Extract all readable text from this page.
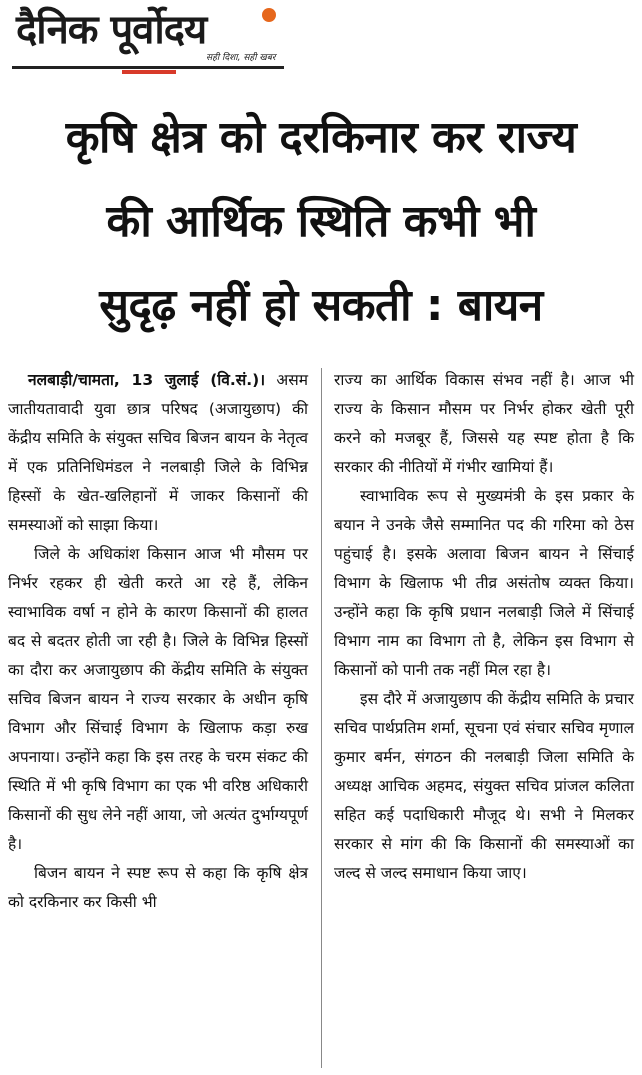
दैनिक पूर्वोदय
सही दिशा, सही खबर
कृषि क्षेत्र को दरकिनार कर राज्य
की आर्थिक स्थिति कभी भी
सुदृढ़ नहीं हो सकती : बायन

नलबाड़ी/चामता, 13 जुलाई (वि.सं.)। असम जातीयतावादी युवा छात्र परिषद (अजायुछाप) की केंद्रीय समिति के संयुक्त सचिव बिजन बायन के नेतृत्व में एक प्रतिनिधिमंडल ने नलबाड़ी जिले के विभिन्न हिस्सों के खेत-खलिहानों में जाकर किसानों की समस्याओं को साझा किया।

जिले के अधिकांश किसान आज भी मौसम पर निर्भर रहकर ही खेती करते आ रहे हैं, लेकिन स्वाभाविक वर्षा न होने के कारण किसानों की हालत बद से बदतर होती जा रही है। जिले के विभिन्न हिस्सों का दौरा कर अजायुछाप की केंद्रीय समिति के संयुक्त सचिव बिजन बायन ने राज्य सरकार के अधीन कृषि विभाग और सिंचाई विभाग के खिलाफ कड़ा रुख अपनाया। उन्होंने कहा कि इस तरह के चरम संकट की स्थिति में भी कृषि विभाग का एक भी वरिष्ठ अधिकारी किसानों की सुध लेने नहीं आया, जो अत्यंत दुर्भाग्यपूर्ण है।

बिजन बायन ने स्पष्ट रूप से कहा कि कृषि क्षेत्र को दरकिनार कर किसी भी

राज्य का आर्थिक विकास संभव नहीं है। आज भी राज्य के किसान मौसम पर निर्भर होकर खेती पूरी करने को मजबूर हैं, जिससे यह स्पष्ट होता है कि सरकार की नीतियों में गंभीर खामियां हैं।

स्वाभाविक रूप से मुख्यमंत्री के इस प्रकार के बयान ने उनके जैसे सम्मानित पद की गरिमा को ठेस पहुंचाई है। इसके अलावा बिजन बायन ने सिंचाई विभाग के खिलाफ भी तीव्र असंतोष व्यक्त किया। उन्होंने कहा कि कृषि प्रधान नलबाड़ी जिले में सिंचाई विभाग नाम का विभाग तो है, लेकिन इस विभाग से किसानों को पानी तक नहीं मिल रहा है।

इस दौरे में अजायुछाप की केंद्रीय समिति के प्रचार सचिव पार्थप्रतिम शर्मा, सूचना एवं संचार सचिव मृणाल कुमार बर्मन, संगठन की नलबाड़ी जिला समिति के अध्यक्ष आचिक अहमद, संयुक्त सचिव प्रांजल कलिता सहित कई पदाधिकारी मौजूद थे। सभी ने मिलकर सरकार से मांग की कि किसानों की समस्याओं का जल्द से जल्द समाधान किया जाए।
